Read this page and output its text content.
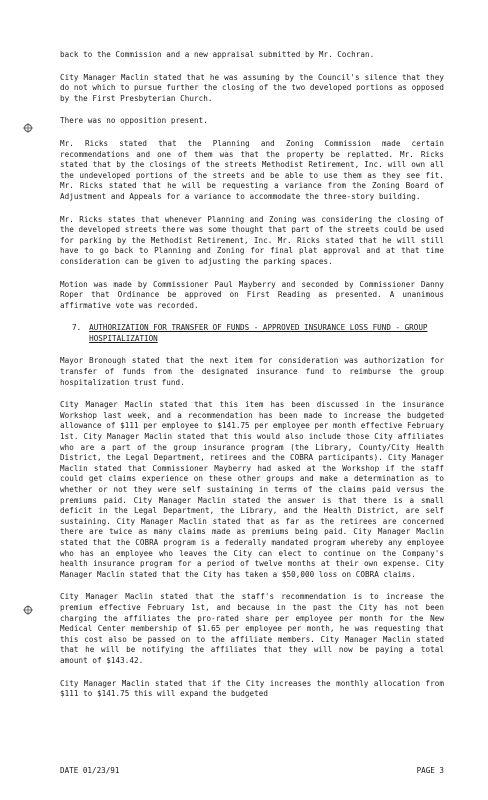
back to the Commission and a new appraisal submitted by Mr. Cochran.

City Manager Maclin stated that he was assuming by the Council's silence that they do not which to pursue further the closing of the two developed portions as opposed by the First Presbyterian Church.

There was no opposition present.

Mr. Ricks stated that the Planning and Zoning Commission made certain recommendations and one of them was that the property be replatted. Mr. Ricks stated that by the closings of the streets Methodist Retirement, Inc. will own all the undeveloped portions of the streets and be able to use them as they see fit. Mr. Ricks stated that he will be requesting a variance from the Zoning Board of Adjustment and Appeals for a variance to accommodate the three-story building.

Mr. Ricks states that whenever Planning and Zoning was considering the closing of the developed streets there was some thought that part of the streets could be used for parking by the Methodist Retirement, Inc. Mr. Ricks stated that he will still have to go back to Planning and Zoning for final plat approval and at that time consideration can be given to adjusting the parking spaces.

Motion was made by Commissioner Paul Mayberry and seconded by Commissioner Danny Roper that Ordinance be approved on First Reading as presented. A unanimous affirmative vote was recorded.

7. AUTHORIZATION FOR TRANSFER OF FUNDS - APPROVED INSURANCE LOSS FUND - GROUP HOSPITALIZATION

Mayor Bronough stated that the next item for consideration was authorization for transfer of funds from the designated insurance fund to reimburse the group hospitalization trust fund.

City Manager Maclin stated that this item has been discussed in the insurance Workshop last week, and a recommendation has been made to increase the budgeted allowance of $111 per employee to $141.75 per employee per month effective February 1st. City Manager Maclin stated that this would also include those City affiliates who are a part of the group insurance program (the Library, County/City Health District, the Legal Department, retirees and the COBRA participants). City Manager Maclin stated that Commissioner Mayberry had asked at the Workshop if the staff could get claims experience on these other groups and make a determination as to whether or not they were self sustaining in terms of the claims paid versus the premiums paid. City Manager Maclin stated the answer is that there is a small deficit in the Legal Department, the Library, and the Health District, are self sustaining. City Manager Maclin stated that as far as the retirees are concerned there are twice as many claims made as premiums being paid. City Manager Maclin stated that the COBRA program is a federally mandated program whereby any employee who has an employee who leaves the City can elect to continue on the Company's health insurance program for a period of twelve months at their own expense. City Manager Maclin stated that the City has taken a $50,000 loss on COBRA claims.

City Manager Maclin stated that the staff's recommendation is to increase the premium effective February 1st, and because in the past the City has not been charging the affiliates the pro-rated share per employee per month for the New Medical Center membership of $1.65 per employee per month, he was requesting that this cost also be passed on to the affiliate members. City Manager Maclin stated that he will be notifying the affiliates that they will now be paying a total amount of $143.42.

City Manager Maclin stated that if the City increases the monthly allocation from $111 to $141.75 this will expand the budgeted

DATE 01/23/91	PAGE 3
